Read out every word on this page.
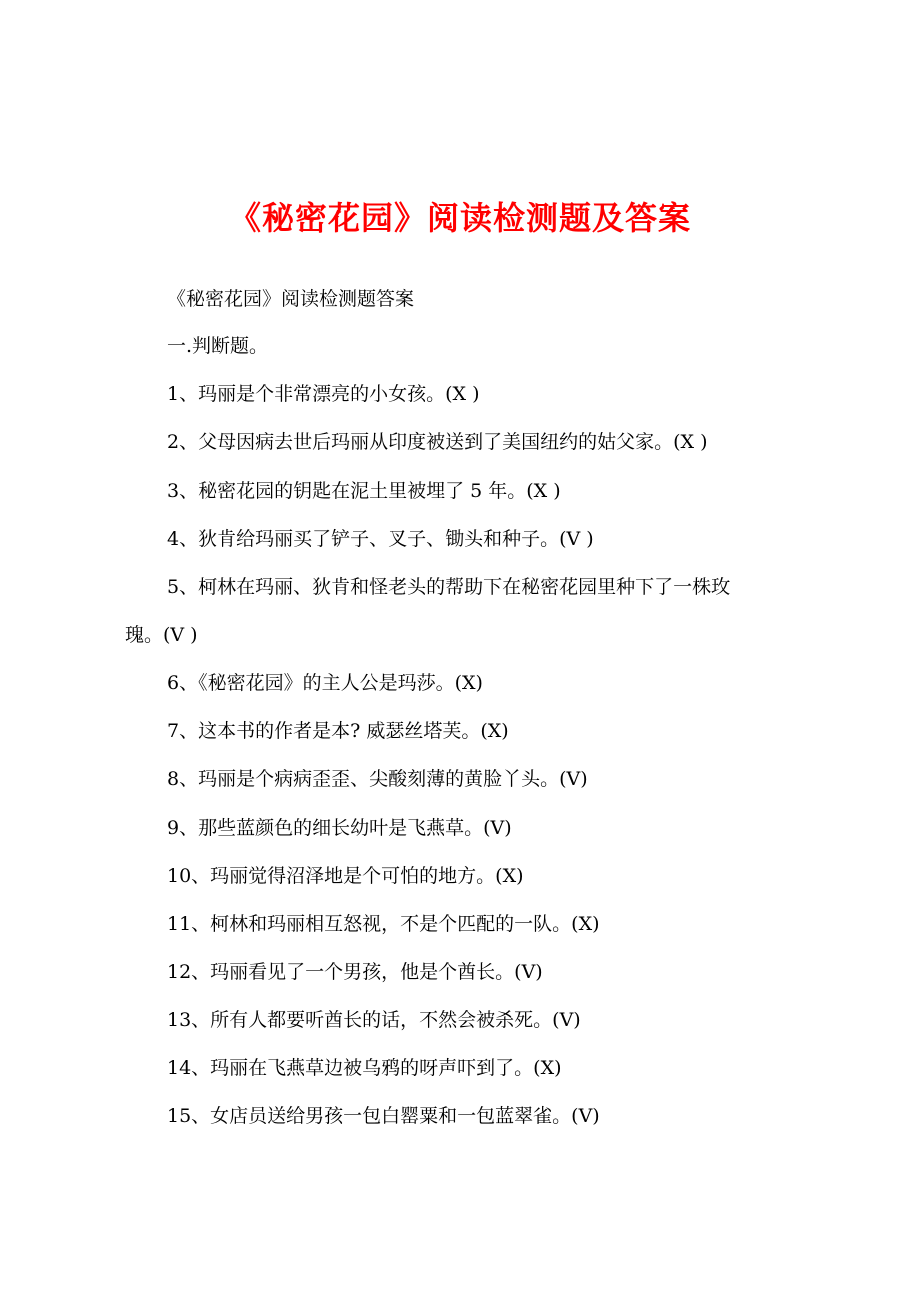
《秘密花园》阅读检测题及答案

《秘密花园》阅读检测题答案

一.判断题。

1、玛丽是个非常漂亮的小女孩。(X )

2、父母因病去世后玛丽从印度被送到了美国纽约的姑父家。(X )

3、秘密花园的钥匙在泥土里被埋了 5 年。(X )

4、狄肯给玛丽买了铲子、叉子、锄头和种子。(V )

5、柯林在玛丽、狄肯和怪老头的帮助下在秘密花园里种下了一株玫

瑰。(V )

6、《秘密花园》的主人公是玛莎。(X)

7、这本书的作者是本? 威瑟丝塔芙。(X)

8、玛丽是个病病歪歪、尖酸刻薄的黄脸丫头。(V)

9、那些蓝颜色的细长幼叶是飞燕草。(V)

10、玛丽觉得沼泽地是个可怕的地方。(X)

11、柯林和玛丽相互怒视，不是个匹配的一队。(X)

12、玛丽看见了一个男孩，他是个酋长。(V)

13、所有人都要听酋长的话，不然会被杀死。(V)

14、玛丽在飞燕草边被乌鸦的呀声吓到了。(X)

15、女店员送给男孩一包白罂粟和一包蓝翠雀。(V)
